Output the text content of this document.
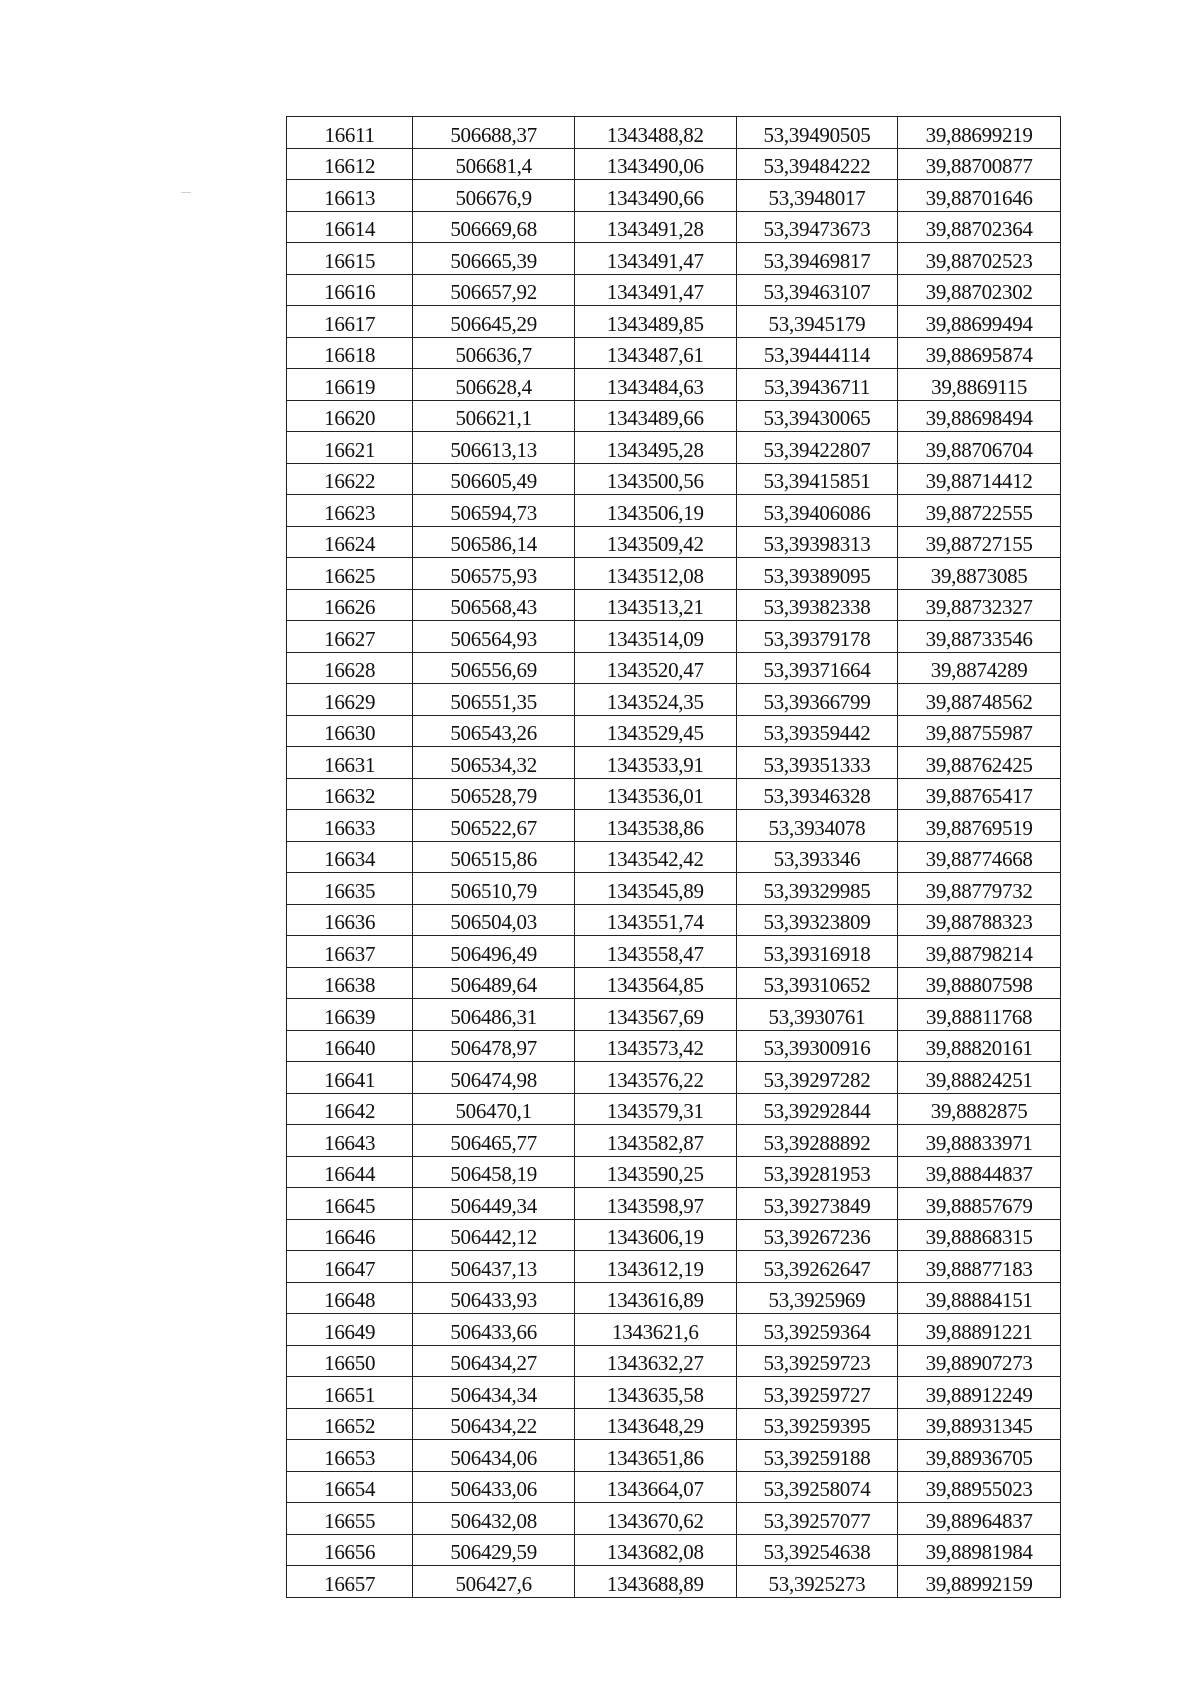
16611	506688,37	1343488,82	53,39490505	39,88699219
16612	506681,4	1343490,06	53,39484222	39,88700877
16613	506676,9	1343490,66	53,3948017	39,88701646
16614	506669,68	1343491,28	53,39473673	39,88702364
16615	506665,39	1343491,47	53,39469817	39,88702523
16616	506657,92	1343491,47	53,39463107	39,88702302
16617	506645,29	1343489,85	53,3945179	39,88699494
16618	506636,7	1343487,61	53,39444114	39,88695874
16619	506628,4	1343484,63	53,39436711	39,8869115
16620	506621,1	1343489,66	53,39430065	39,88698494
16621	506613,13	1343495,28	53,39422807	39,88706704
16622	506605,49	1343500,56	53,39415851	39,88714412
16623	506594,73	1343506,19	53,39406086	39,88722555
16624	506586,14	1343509,42	53,39398313	39,88727155
16625	506575,93	1343512,08	53,39389095	39,8873085
16626	506568,43	1343513,21	53,39382338	39,88732327
16627	506564,93	1343514,09	53,39379178	39,88733546
16628	506556,69	1343520,47	53,39371664	39,8874289
16629	506551,35	1343524,35	53,39366799	39,88748562
16630	506543,26	1343529,45	53,39359442	39,88755987
16631	506534,32	1343533,91	53,39351333	39,88762425
16632	506528,79	1343536,01	53,39346328	39,88765417
16633	506522,67	1343538,86	53,3934078	39,88769519
16634	506515,86	1343542,42	53,393346	39,88774668
16635	506510,79	1343545,89	53,39329985	39,88779732
16636	506504,03	1343551,74	53,39323809	39,88788323
16637	506496,49	1343558,47	53,39316918	39,88798214
16638	506489,64	1343564,85	53,39310652	39,88807598
16639	506486,31	1343567,69	53,3930761	39,88811768
16640	506478,97	1343573,42	53,39300916	39,88820161
16641	506474,98	1343576,22	53,39297282	39,88824251
16642	506470,1	1343579,31	53,39292844	39,8882875
16643	506465,77	1343582,87	53,39288892	39,88833971
16644	506458,19	1343590,25	53,39281953	39,88844837
16645	506449,34	1343598,97	53,39273849	39,88857679
16646	506442,12	1343606,19	53,39267236	39,88868315
16647	506437,13	1343612,19	53,39262647	39,88877183
16648	506433,93	1343616,89	53,3925969	39,88884151
16649	506433,66	1343621,6	53,39259364	39,88891221
16650	506434,27	1343632,27	53,39259723	39,88907273
16651	506434,34	1343635,58	53,39259727	39,88912249
16652	506434,22	1343648,29	53,39259395	39,88931345
16653	506434,06	1343651,86	53,39259188	39,88936705
16654	506433,06	1343664,07	53,39258074	39,88955023
16655	506432,08	1343670,62	53,39257077	39,88964837
16656	506429,59	1343682,08	53,39254638	39,88981984
16657	506427,6	1343688,89	53,3925273	39,88992159
